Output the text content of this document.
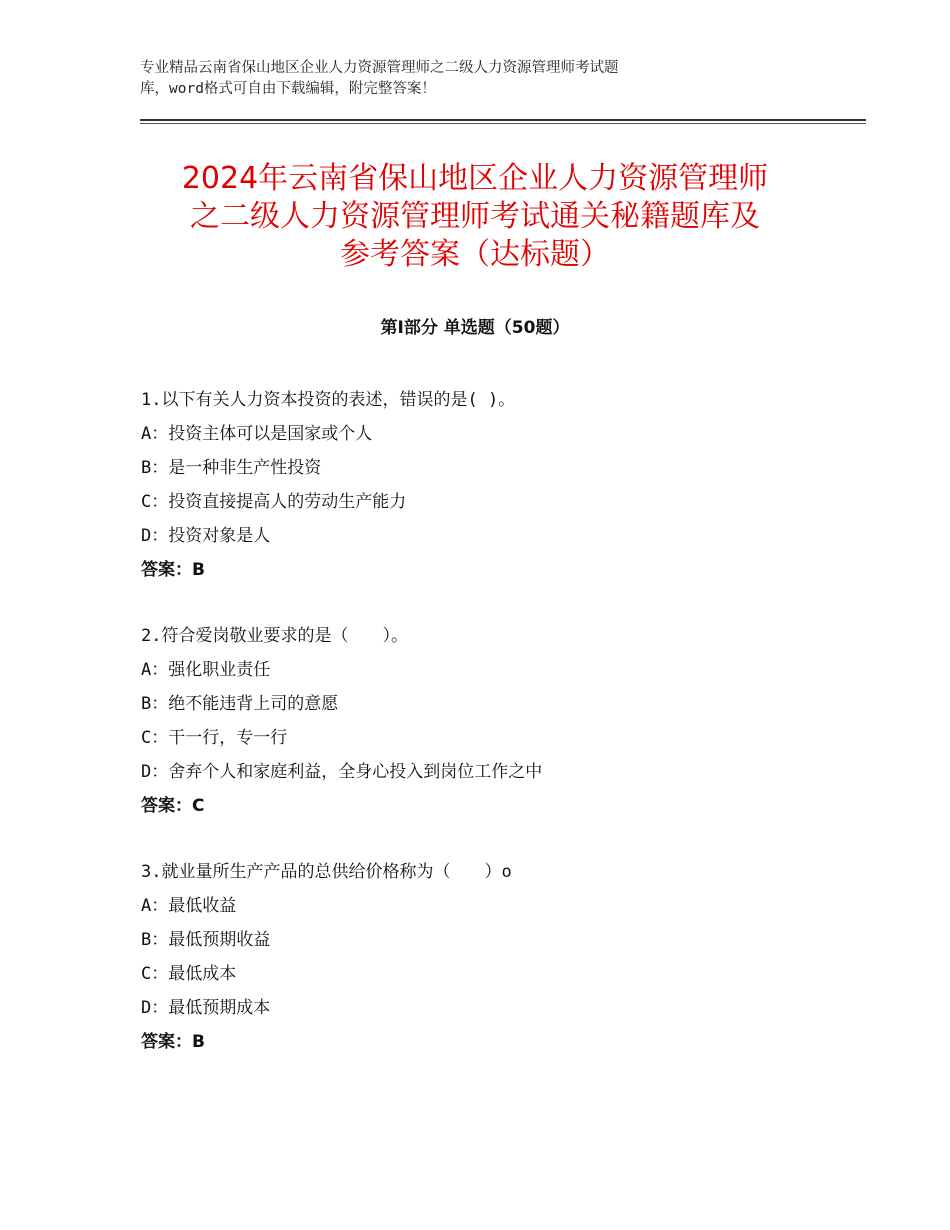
专业精品云南省保山地区企业人力资源管理师之二级人力资源管理师考试题
库，word格式可自由下载编辑，附完整答案！
2024年云南省保山地区企业人力资源管理师
之二级人力资源管理师考试通关秘籍题库及
参考答案（达标题）
第Ⅰ部分 单选题（50题）
1.以下有关人力资本投资的表述，错误的是( )。
A：投资主体可以是国家或个人
B：是一种非生产性投资
C：投资直接提高人的劳动生产能力
D：投资对象是人
答案：B
2.符合爱岗敬业要求的是（　　）。
A：强化职业责任
B：绝不能违背上司的意愿
C：干一行，专一行
D：舍弃个人和家庭利益，全身心投入到岗位工作之中
答案：C
3.就业量所生产产品的总供给价格称为（　　）o
A：最低收益
B：最低预期收益
C：最低成本
D：最低预期成本
答案：B
